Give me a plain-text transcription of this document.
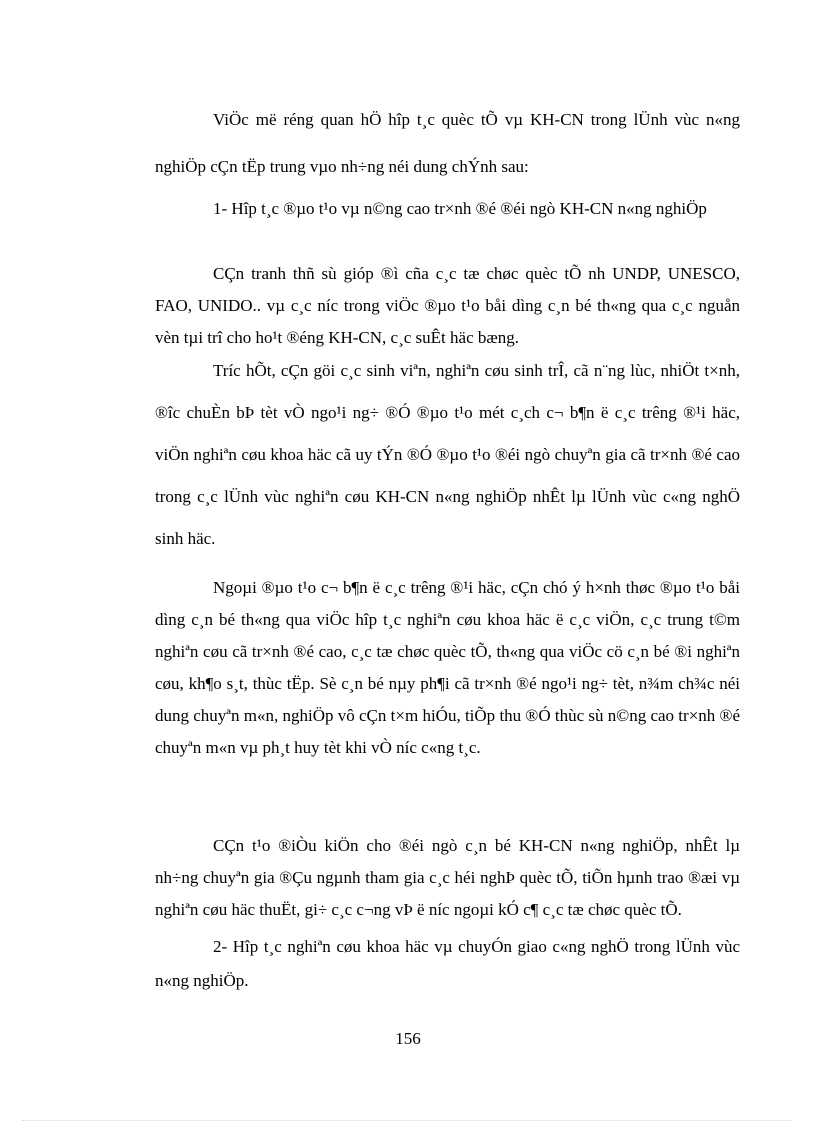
ViÖc më réng quan hÖ hîp t¸c quèc tÕ vµ KH-CN trong lÜnh vùc n«ng nghiÖp cÇn tËp trung vµo nh÷ng néi dung chÝnh sau:

1- Hîp t¸c ®µo t¹o vµ n©ng cao tr×nh ®é ®éi ngò KH-CN n«ng nghiÖp

CÇn tranh thñ sù gióp ®ì cña c¸c tæ chøc quèc tÕ nh UNDP, UNESCO, FAO, UNIDO.. vµ c¸c níc trong viÖc ®µo t¹o båi dìng c¸n bé th«ng qua c¸c nguån vèn tµi trî cho ho¹t ®éng KH-CN, c¸c suÊt häc bæng.

Tríc hÕt, cÇn göi c¸c sinh viªn, nghiªn cøu sinh trÎ, cã n¨ng lùc, nhiÖt t×nh, ®îc chuÈn bÞ tèt vÒ ngo¹i ng÷ ®Ó ®µo t¹o mét c¸ch c¬ b¶n ë c¸c trêng ®¹i häc, viÖn nghiªn cøu khoa häc cã uy tÝn ®Ó ®µo t¹o ®éi ngò chuyªn gia cã tr×nh ®é cao trong c¸c lÜnh vùc nghiªn cøu KH-CN n«ng nghiÖp nhÊt lµ lÜnh vùc c«ng nghÖ sinh häc.

Ngoµi ®µo t¹o c¬ b¶n ë c¸c trêng ®¹i häc, cÇn chó ý h×nh thøc ®µo t¹o båi dìng c¸n bé th«ng qua viÖc hîp t¸c nghiªn cøu khoa häc ë c¸c viÖn, c¸c trung t©m nghiªn cøu cã tr×nh ®é cao, c¸c tæ chøc quèc tÕ, th«ng qua viÖc cö c¸n bé ®i nghiªn cøu, kh¶o s¸t, thùc tËp. Sè c¸n bé nµy ph¶i cã tr×nh ®é ngo¹i ng÷ tèt, n¾m ch¾c néi dung chuyªn m«n, nghiÖp vô cÇn t×m hiÓu, tiÕp thu ®Ó thùc sù n©ng cao tr×nh ®é chuyªn m«n vµ ph¸t huy tèt khi vÒ níc c«ng t¸c.

CÇn t¹o ®iÒu kiÖn cho ®éi ngò c¸n bé KH-CN n«ng nghiÖp, nhÊt lµ nh÷ng chuyªn gia ®Çu ngµnh tham gia c¸c héi nghÞ quèc tÕ, tiÕn hµnh trao ®æi vµ nghiªn cøu häc thuËt, gi÷ c¸c c¬ng vÞ ë níc ngoµi kÓ c¶ c¸c tæ chøc quèc tÕ.

2- Hîp t¸c nghiªn cøu khoa häc vµ chuyÓn giao c«ng nghÖ trong lÜnh vùc n«ng nghiÖp.

156
